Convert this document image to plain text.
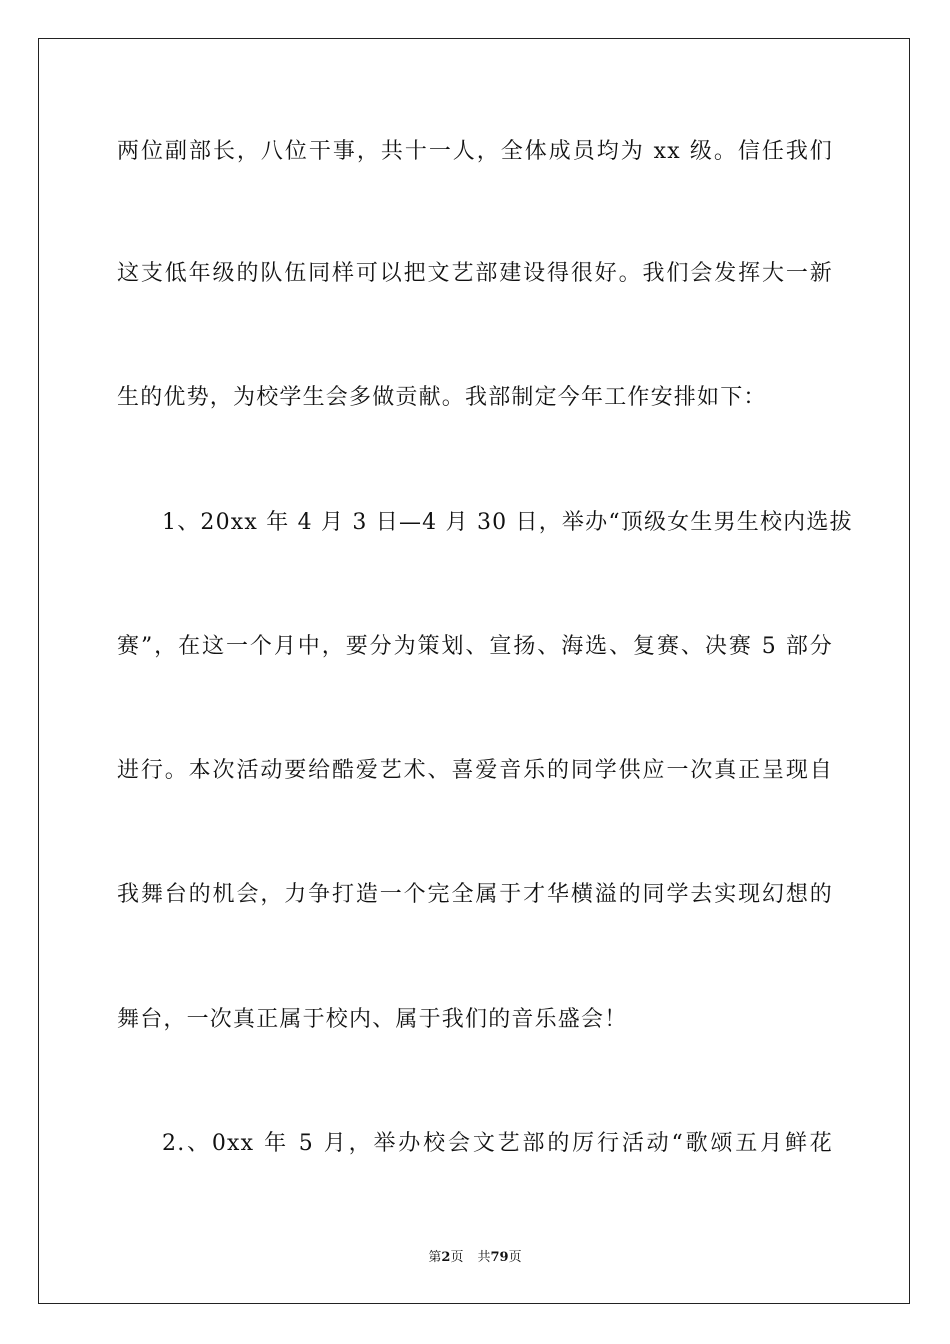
两位副部长，八位干事，共十一人，全体成员均为 xx 级。信任我们
这支低年级的队伍同样可以把文艺部建设得很好。我们会发挥大一新
生的优势，为校学生会多做贡献。我部制定今年工作安排如下：
1、20xx 年 4 月 3 日—4 月 30 日，举办“顶级女生男生校内选拔
赛”，在这一个月中，要分为策划、宣扬、海选、复赛、决赛 5 部分
进行。本次活动要给酷爱艺术、喜爱音乐的同学供应一次真正呈现自
我舞台的机会，力争打造一个完全属于才华横溢的同学去实现幻想的
舞台，一次真正属于校内、属于我们的音乐盛会！
2.、0xx 年 5 月，举办校会文艺部的厉行活动“歌颂五月鲜花
第2页 共79页
